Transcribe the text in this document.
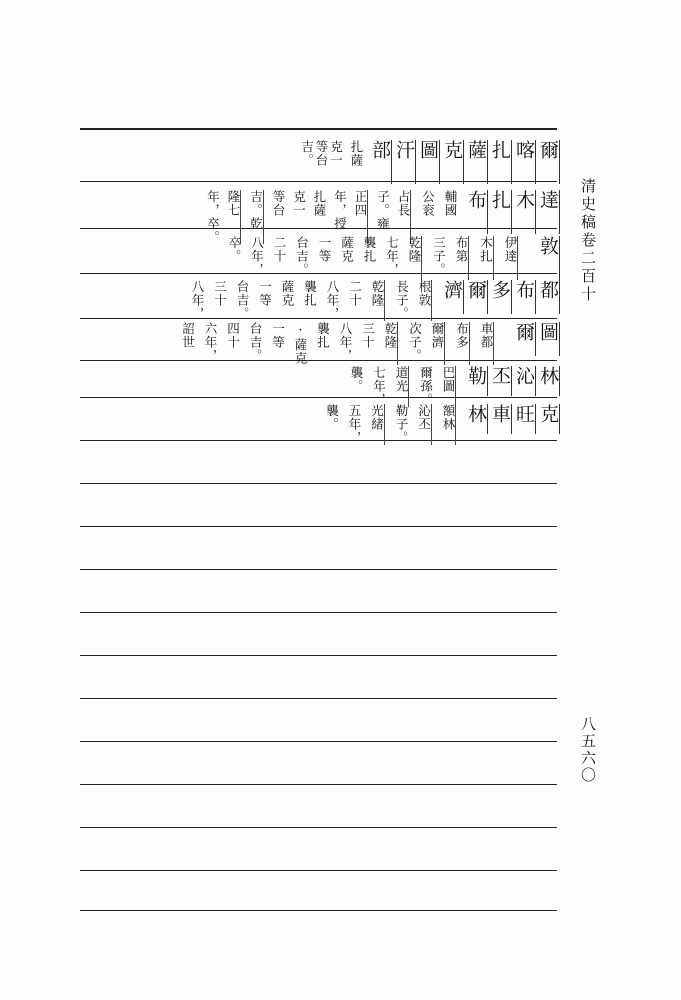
清史稿卷二百十
八五六〇
爾
喀
扎
薩
克
圖
汗
部
扎薩
克一
等台
吉。
達
木
扎
布
輔國
公衮
占長
子。雍
正四
年，授
扎薩
克一
等台
吉。乾
隆七
年，卒。
敦
伊達
木扎
布第
三子。
乾隆
七年，
襲扎
薩克
一等
台吉。
二十
八年，
卒。
都
布
多
爾
濟
根敦
長子。
乾隆
二十
八年，
襲扎
薩克
一等
台吉。
三十
八年，
圖
爾
車都
布多
爾濟
次子。
乾隆
三十
八年，
襲扎
·薩克
一等
台吉。
四十
六年，
詔世
林
沁
丕
勒
巴圖
爾孫。
道光
七年，
襲。
克
旺
車
林
額林
沁丕
勒子。
光緒
五年，
襲。
